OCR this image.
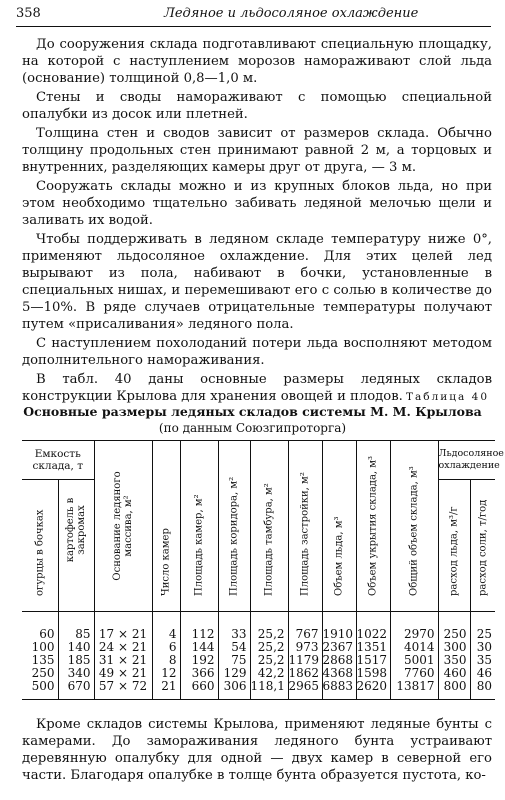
358	Ледяное и льдосоляное охлаждение

До сооружения склада подготавливают специальную площадку, на которой с наступлением морозов намораживают слой льда (основание) толщиной 0,8—1,0 м.

Стены и своды намораживают с помощью специальной опалубки из досок или плетней.

Толщина стен и сводов зависит от размеров склада. Обычно толщину продольных стен принимают равной 2 м, а торцовых и внутренних, разделяющих камеры друг от друга, — 3 м.

Сооружать склады можно и из крупных блоков льда, но при этом необходимо тщательно забивать ледяной мелочью щели и заливать их водой.

Чтобы поддерживать в ледяном складе температуру ниже 0°, применяют льдосоляное охлаждение. Для этих целей лед вырывают из пола, набивают в бочки, установленные в специальных нишах, и перемешивают его с солью в количестве до 5—10%. В ряде случаев отрицательные температуры получают путем «присаливания» ледяного пола.

С наступлением похолоданий потери льда восполняют методом дополнительного намораживания.

В табл. 40 даны основные размеры ледяных складов конструкции Крылова для хранения овощей и плодов. Таблица 40
Основные размеры ледяных складов системы М. М. Крылова
(по данным Союзгипроторга)
Емкость склада, т		Основание ледяного массива, м²	Число камер	Площадь камер, м²	Площадь коридора, м²	Площадь тамбура, м²	Площадь застройки, м²	Объем льда, м³	Объем укрытия склада, м³	Общий объем склада, м³	Льдосоляное охлаждение	

огурцы в бочках	картофель в закромах										расход льда, м³/г	расход соли, т/год

60	85	17 × 21	4	112	33	25,2	767	1910	1022	2970	250	25
100	140	24 × 21	6	144	54	25,2	973	2367	1351	4014	300	30
135	185	31 × 21	8	192	75	25,2	1179	2868	1517	5001	350	35
250	340	49 × 21	12	366	129	42,2	1862	4368	1598	7760	460	46
500	670	57 × 72	21	660	306	118,1	2965	6883	2620	13817	800	80

Кроме складов системы Крылова, применяют ледяные бунты с камерами. До замораживания ледяного бунта устраивают деревянную опалубку для одной — двух камер в северной его части. Благодаря опалубке в толще бунта образуется пустота, ко-
